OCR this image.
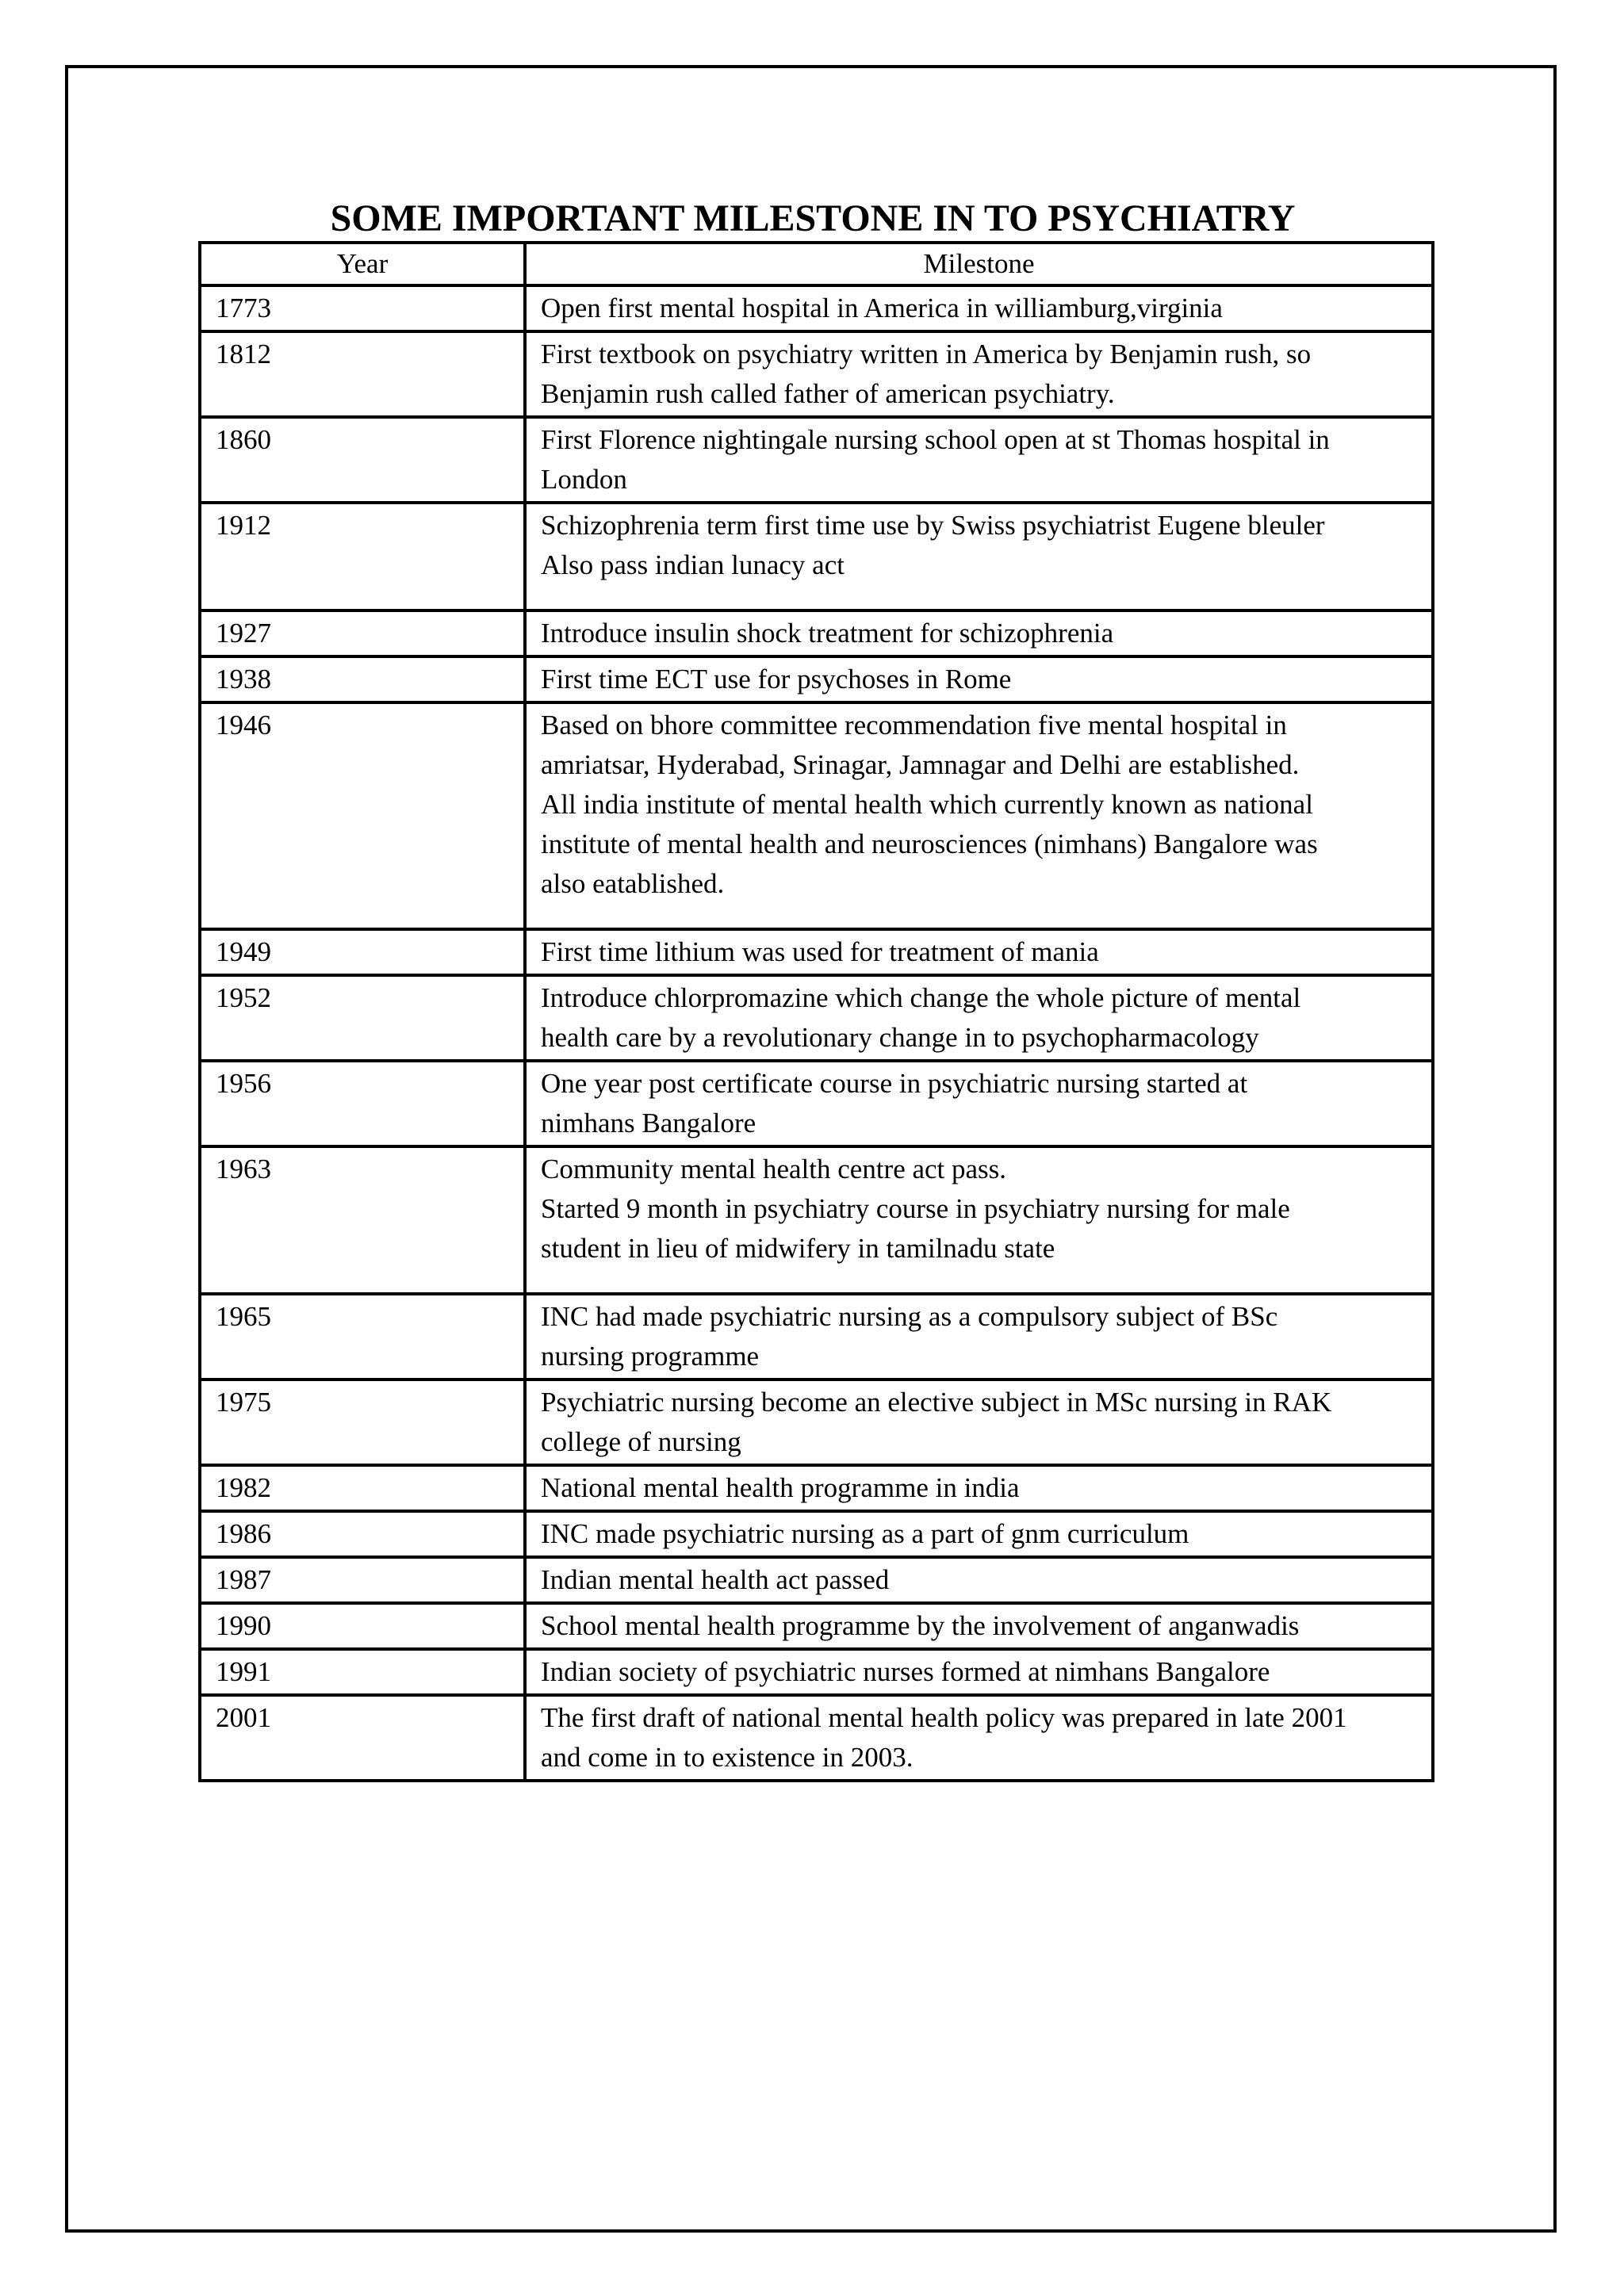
SOME IMPORTANT MILESTONE IN TO PSYCHIATRY
Year	Milestone
1773	Open first mental hospital in America in williamburg,virginia
1812	First textbook on psychiatry written in America by Benjamin rush, so
Benjamin rush called father of american psychiatry.
1860	First Florence nightingale nursing school open at st Thomas hospital in
London
1912	Schizophrenia term first time use by Swiss psychiatrist Eugene bleuler
Also pass indian lunacy act
1927	Introduce insulin shock treatment for schizophrenia
1938	First time ECT use for psychoses in Rome
1946	Based on bhore committee recommendation five mental hospital in
amriatsar, Hyderabad, Srinagar, Jamnagar and Delhi are established.
All india institute of mental health which currently known as national
institute of mental health and neurosciences (nimhans) Bangalore was
also eatablished.
1949	First time lithium was used for treatment of mania
1952	Introduce chlorpromazine which change the whole picture of mental
health care by a revolutionary change in to psychopharmacology
1956	One year post certificate course in psychiatric nursing started at
nimhans Bangalore
1963	Community mental health centre act pass.
Started 9 month in psychiatry course in psychiatry nursing for male
student in lieu of midwifery in tamilnadu state
1965	INC had made psychiatric nursing as a compulsory subject of BSc
nursing programme
1975	Psychiatric nursing become an elective subject in MSc nursing in RAK
college of nursing
1982	National mental health programme in india
1986	INC made psychiatric nursing as a part of gnm curriculum
1987	Indian mental health act passed
1990	School mental health programme by the involvement of anganwadis
1991	Indian society of psychiatric nurses formed at nimhans Bangalore
2001	The first draft of national mental health policy was prepared in late 2001
and come in to existence in 2003.
